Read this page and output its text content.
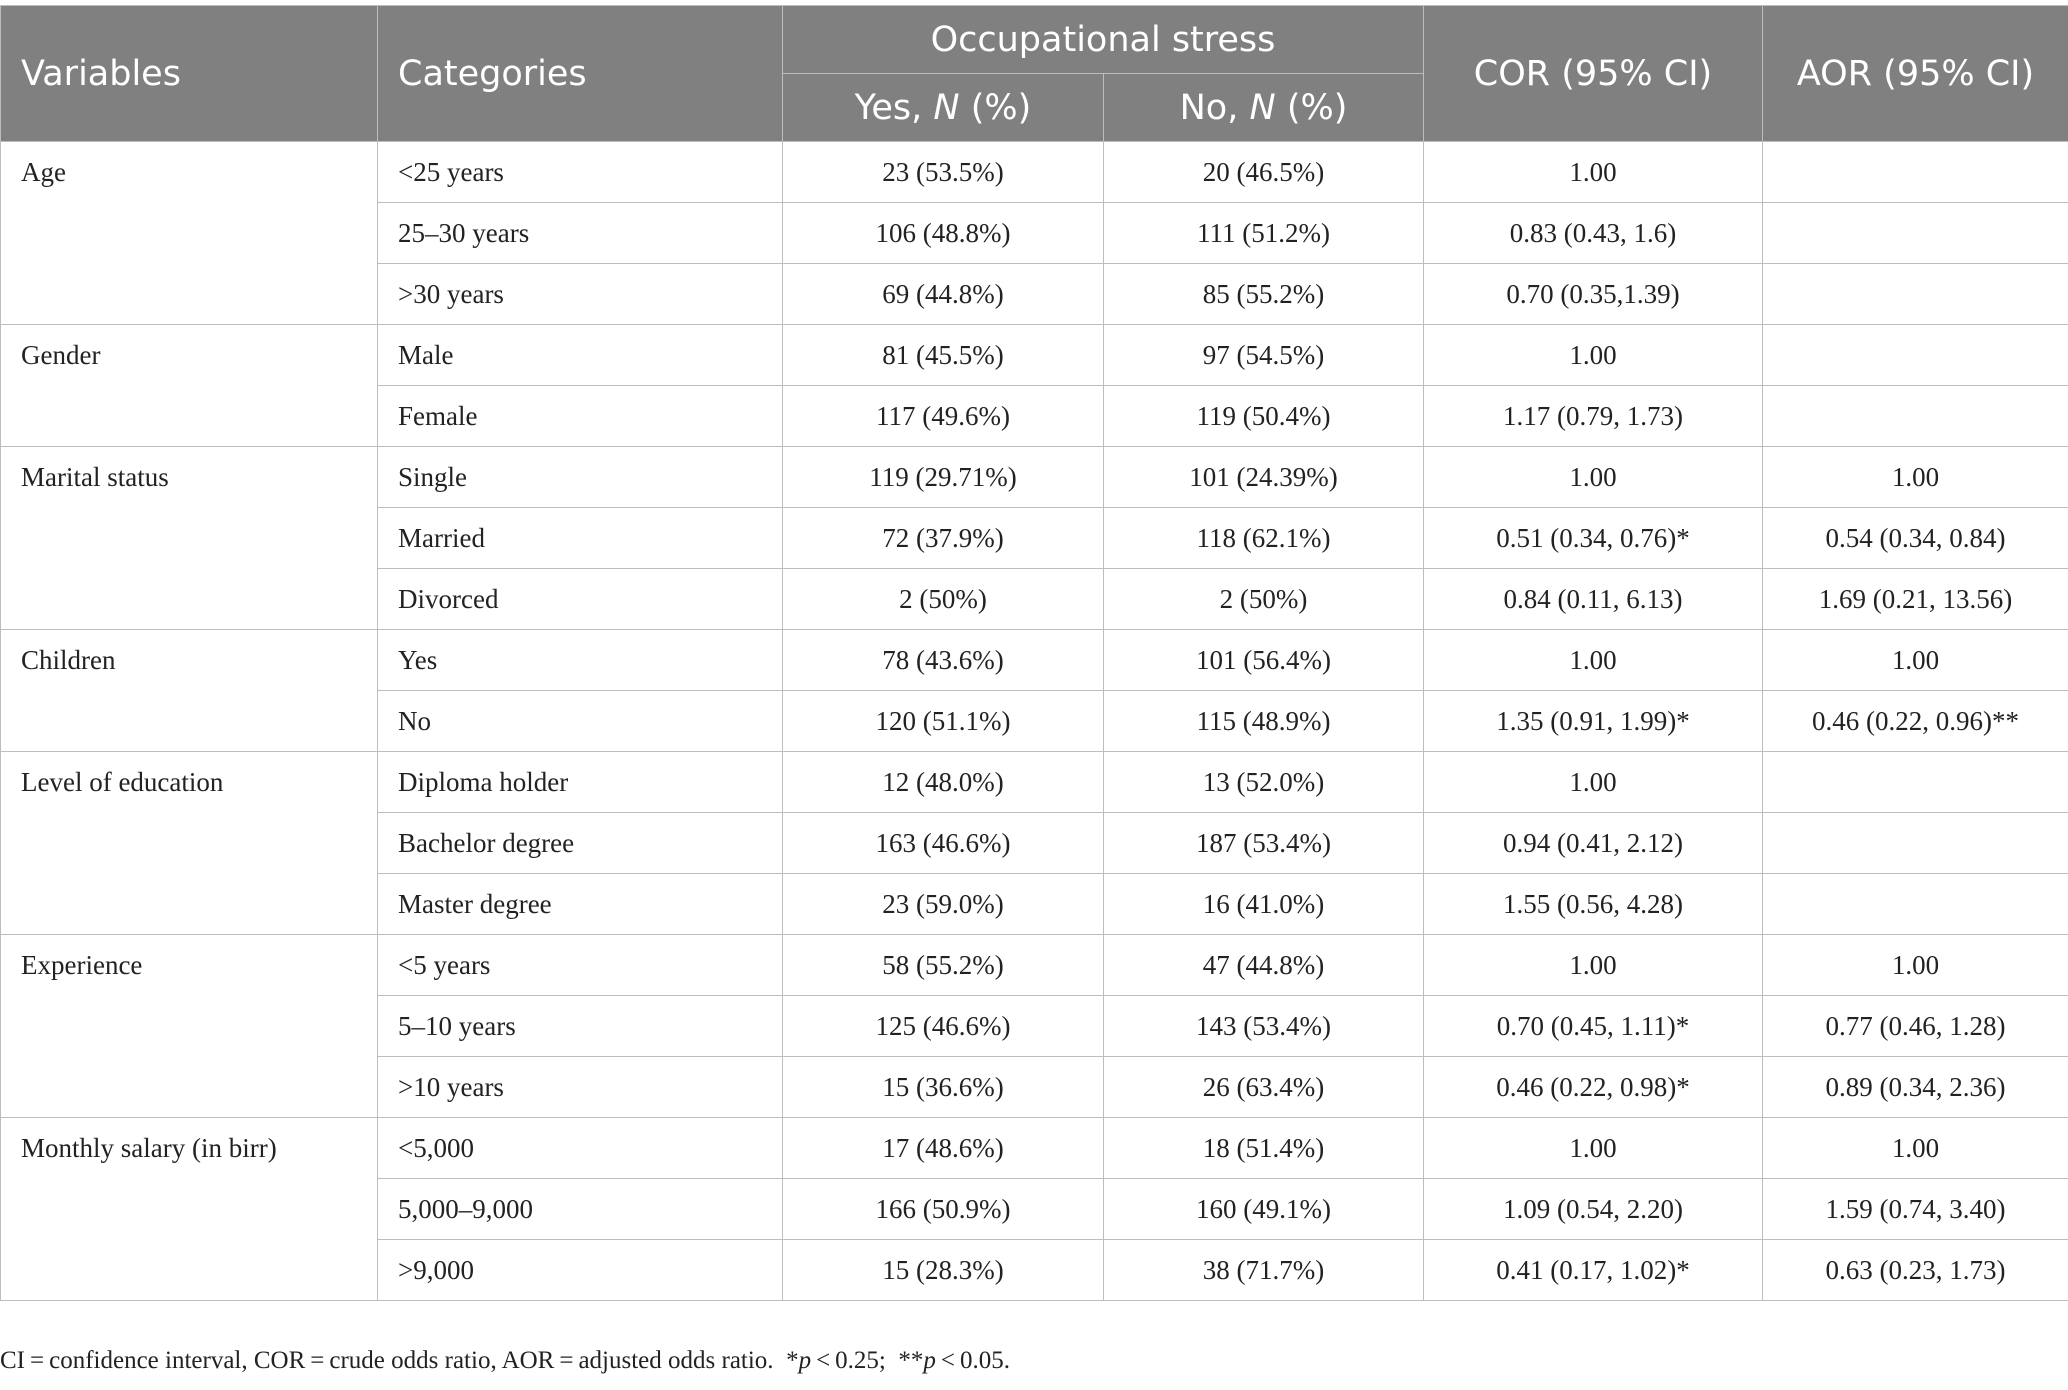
Variables	Categories	Occupational stress		COR (95% CI)	AOR (95% CI)
		Yes, N (%)	No, N (%)		
Age	<25 years	23 (53.5%)	20 (46.5%)	1.00	
	25–30 years	106 (48.8%)	111 (51.2%)	0.83 (0.43, 1.6)	
	>30 years	69 (44.8%)	85 (55.2%)	0.70 (0.35,1.39)	
Gender	Male	81 (45.5%)	97 (54.5%)	1.00	
	Female	117 (49.6%)	119 (50.4%)	1.17 (0.79, 1.73)	
Marital status	Single	119 (29.71%)	101 (24.39%)	1.00	1.00
	Married	72 (37.9%)	118 (62.1%)	0.51 (0.34, 0.76)*	0.54 (0.34, 0.84)
	Divorced	2 (50%)	2 (50%)	0.84 (0.11, 6.13)	1.69 (0.21, 13.56)
Children	Yes	78 (43.6%)	101 (56.4%)	1.00	1.00
	No	120 (51.1%)	115 (48.9%)	1.35 (0.91, 1.99)*	0.46 (0.22, 0.96)**
Level of education	Diploma holder	12 (48.0%)	13 (52.0%)	1.00	
	Bachelor degree	163 (46.6%)	187 (53.4%)	0.94 (0.41, 2.12)	
	Master degree	23 (59.0%)	16 (41.0%)	1.55 (0.56, 4.28)	
Experience	<5 years	58 (55.2%)	47 (44.8%)	1.00	1.00
	5–10 years	125 (46.6%)	143 (53.4%)	0.70 (0.45, 1.11)*	0.77 (0.46, 1.28)
	>10 years	15 (36.6%)	26 (63.4%)	0.46 (0.22, 0.98)*	0.89 (0.34, 2.36)
Monthly salary (in birr)	<5,000	17 (48.6%)	18 (51.4%)	1.00	1.00
	5,000–9,000	166 (50.9%)	160 (49.1%)	1.09 (0.54, 2.20)	1.59 (0.74, 3.40)
	>9,000	15 (28.3%)	38 (71.7%)	0.41 (0.17, 1.02)*	0.63 (0.23, 1.73)
CI = confidence interval, COR = crude odds ratio, AOR = adjusted odds ratio. *p < 0.25; **p < 0.05.
